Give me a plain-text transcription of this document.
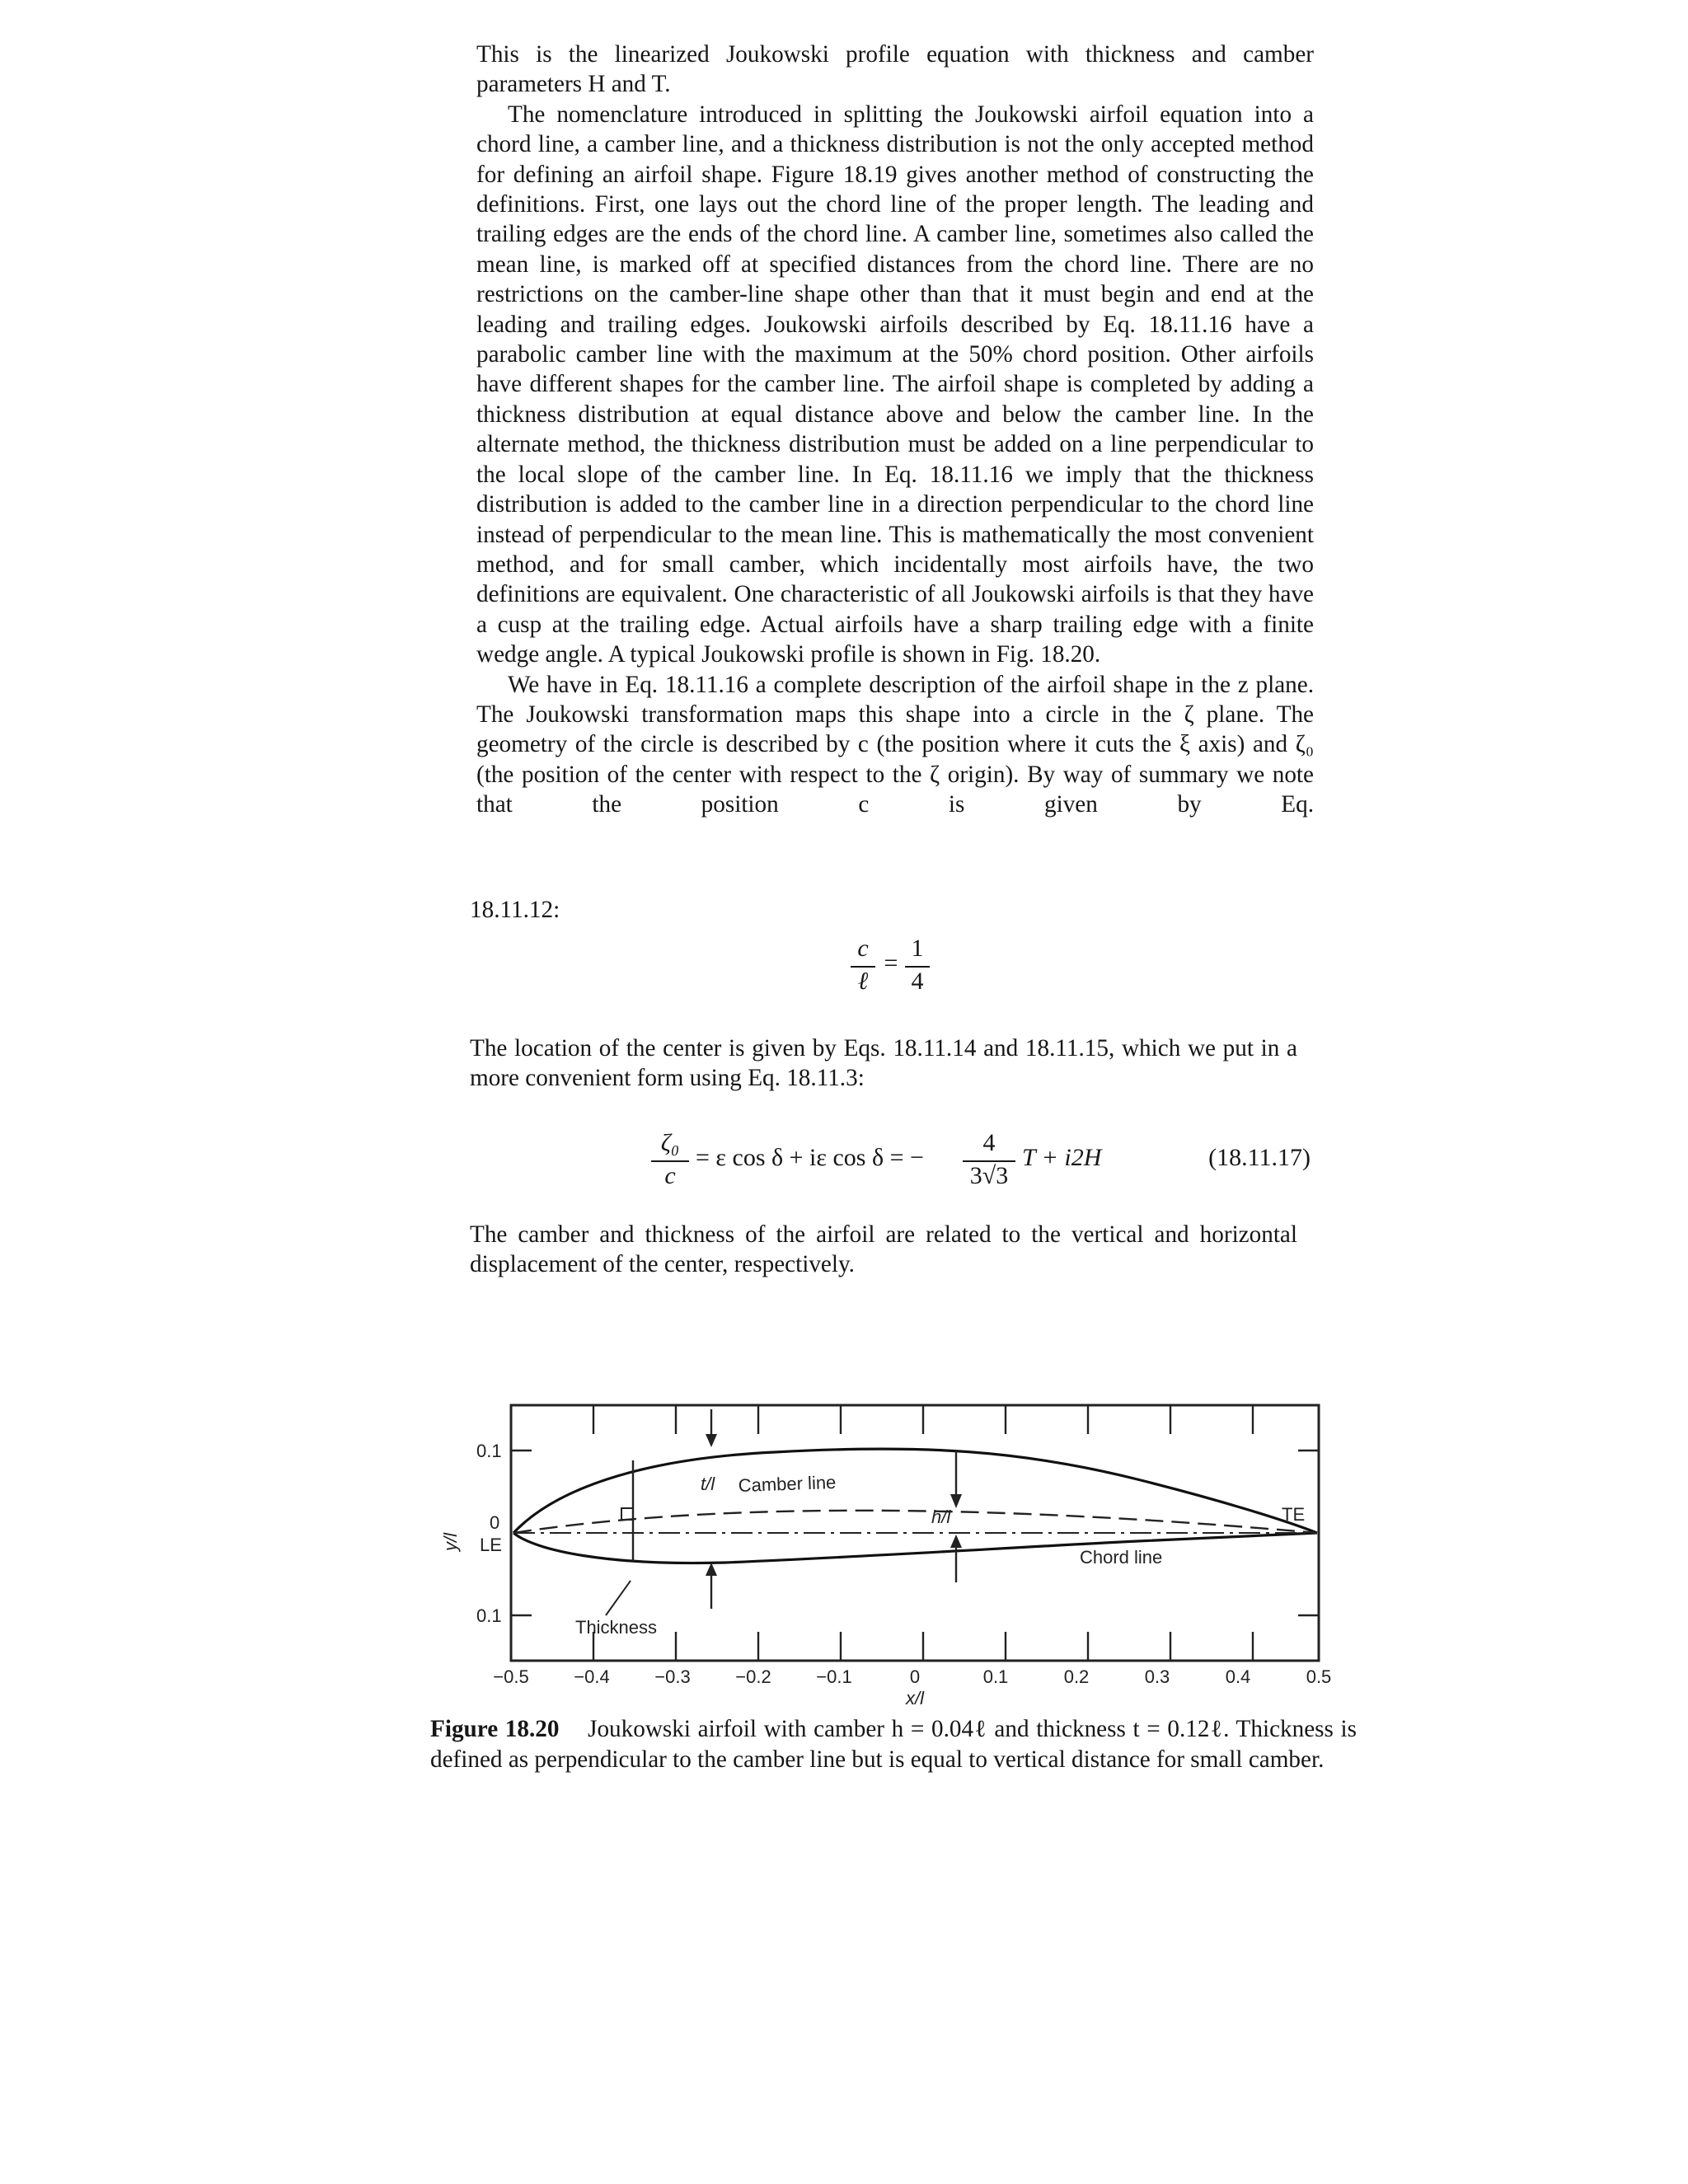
This is the linearized Joukowski profile equation with thickness and camber parameters H and T.

The nomenclature introduced in splitting the Joukowski airfoil equation into a chord line, a camber line, and a thickness distribution is not the only accepted method for defining an airfoil shape. Figure 18.19 gives another method of constructing the definitions. First, one lays out the chord line of the proper length. The leading and trailing edges are the ends of the chord line. A camber line, sometimes also called the mean line, is marked off at specified distances from the chord line. There are no restrictions on the camber-line shape other than that it must begin and end at the leading and trailing edges. Joukowski airfoils described by Eq. 18.11.16 have a parabolic camber line with the maximum at the 50% chord position. Other airfoils have different shapes for the camber line. The airfoil shape is completed by adding a thickness distribution at equal distance above and below the camber line. In the alternate method, the thickness distribution must be added on a line perpendicular to the local slope of the camber line. In Eq. 18.11.16 we imply that the thickness distribution is added to the camber line in a direction perpendicular to the chord line instead of perpendicular to the mean line. This is mathematically the most convenient method, and for small camber, which incidentally most airfoils have, the two definitions are equivalent. One characteristic of all Joukowski airfoils is that they have a cusp at the trailing edge. Actual airfoils have a sharp trailing edge with a finite wedge angle. A typical Joukowski profile is shown in Fig. 18.20.

We have in Eq. 18.11.16 a complete description of the airfoil shape in the z plane. The Joukowski transformation maps this shape into a circle in the ζ plane. The geometry of the circle is described by c (the position where it cuts the ξ axis) and ζ₀ (the position of the center with respect to the ζ origin). By way of summary we note that the position c is given by Eq.

18.11.12:
c
ℓ
=
1
4
The location of the center is given by Eqs. 18.11.14 and 18.11.15, which we put in a more convenient form using Eq. 18.11.3:
ζ₀
c
= ε cos δ + iε cos δ = −
4
3√3
T + i2H	(18.11.17)
The camber and thickness of the airfoil are related to the vertical and horizontal displacement of the center, respectively.
0.1
0
LE
0.1
TE
y/l
t/l Camber line
h/l
Chord line
Thickness
−0.5 −0.4 −0.3 −0.2 −0.1	0	0.1	0.2	0.3	0.4	0.5
x/l
Figure 18.20 Joukowski airfoil with camber h = 0.04ℓ and thickness t = 0.12ℓ. Thickness is defined as perpendicular to the camber line but is equal to vertical distance for small camber.
